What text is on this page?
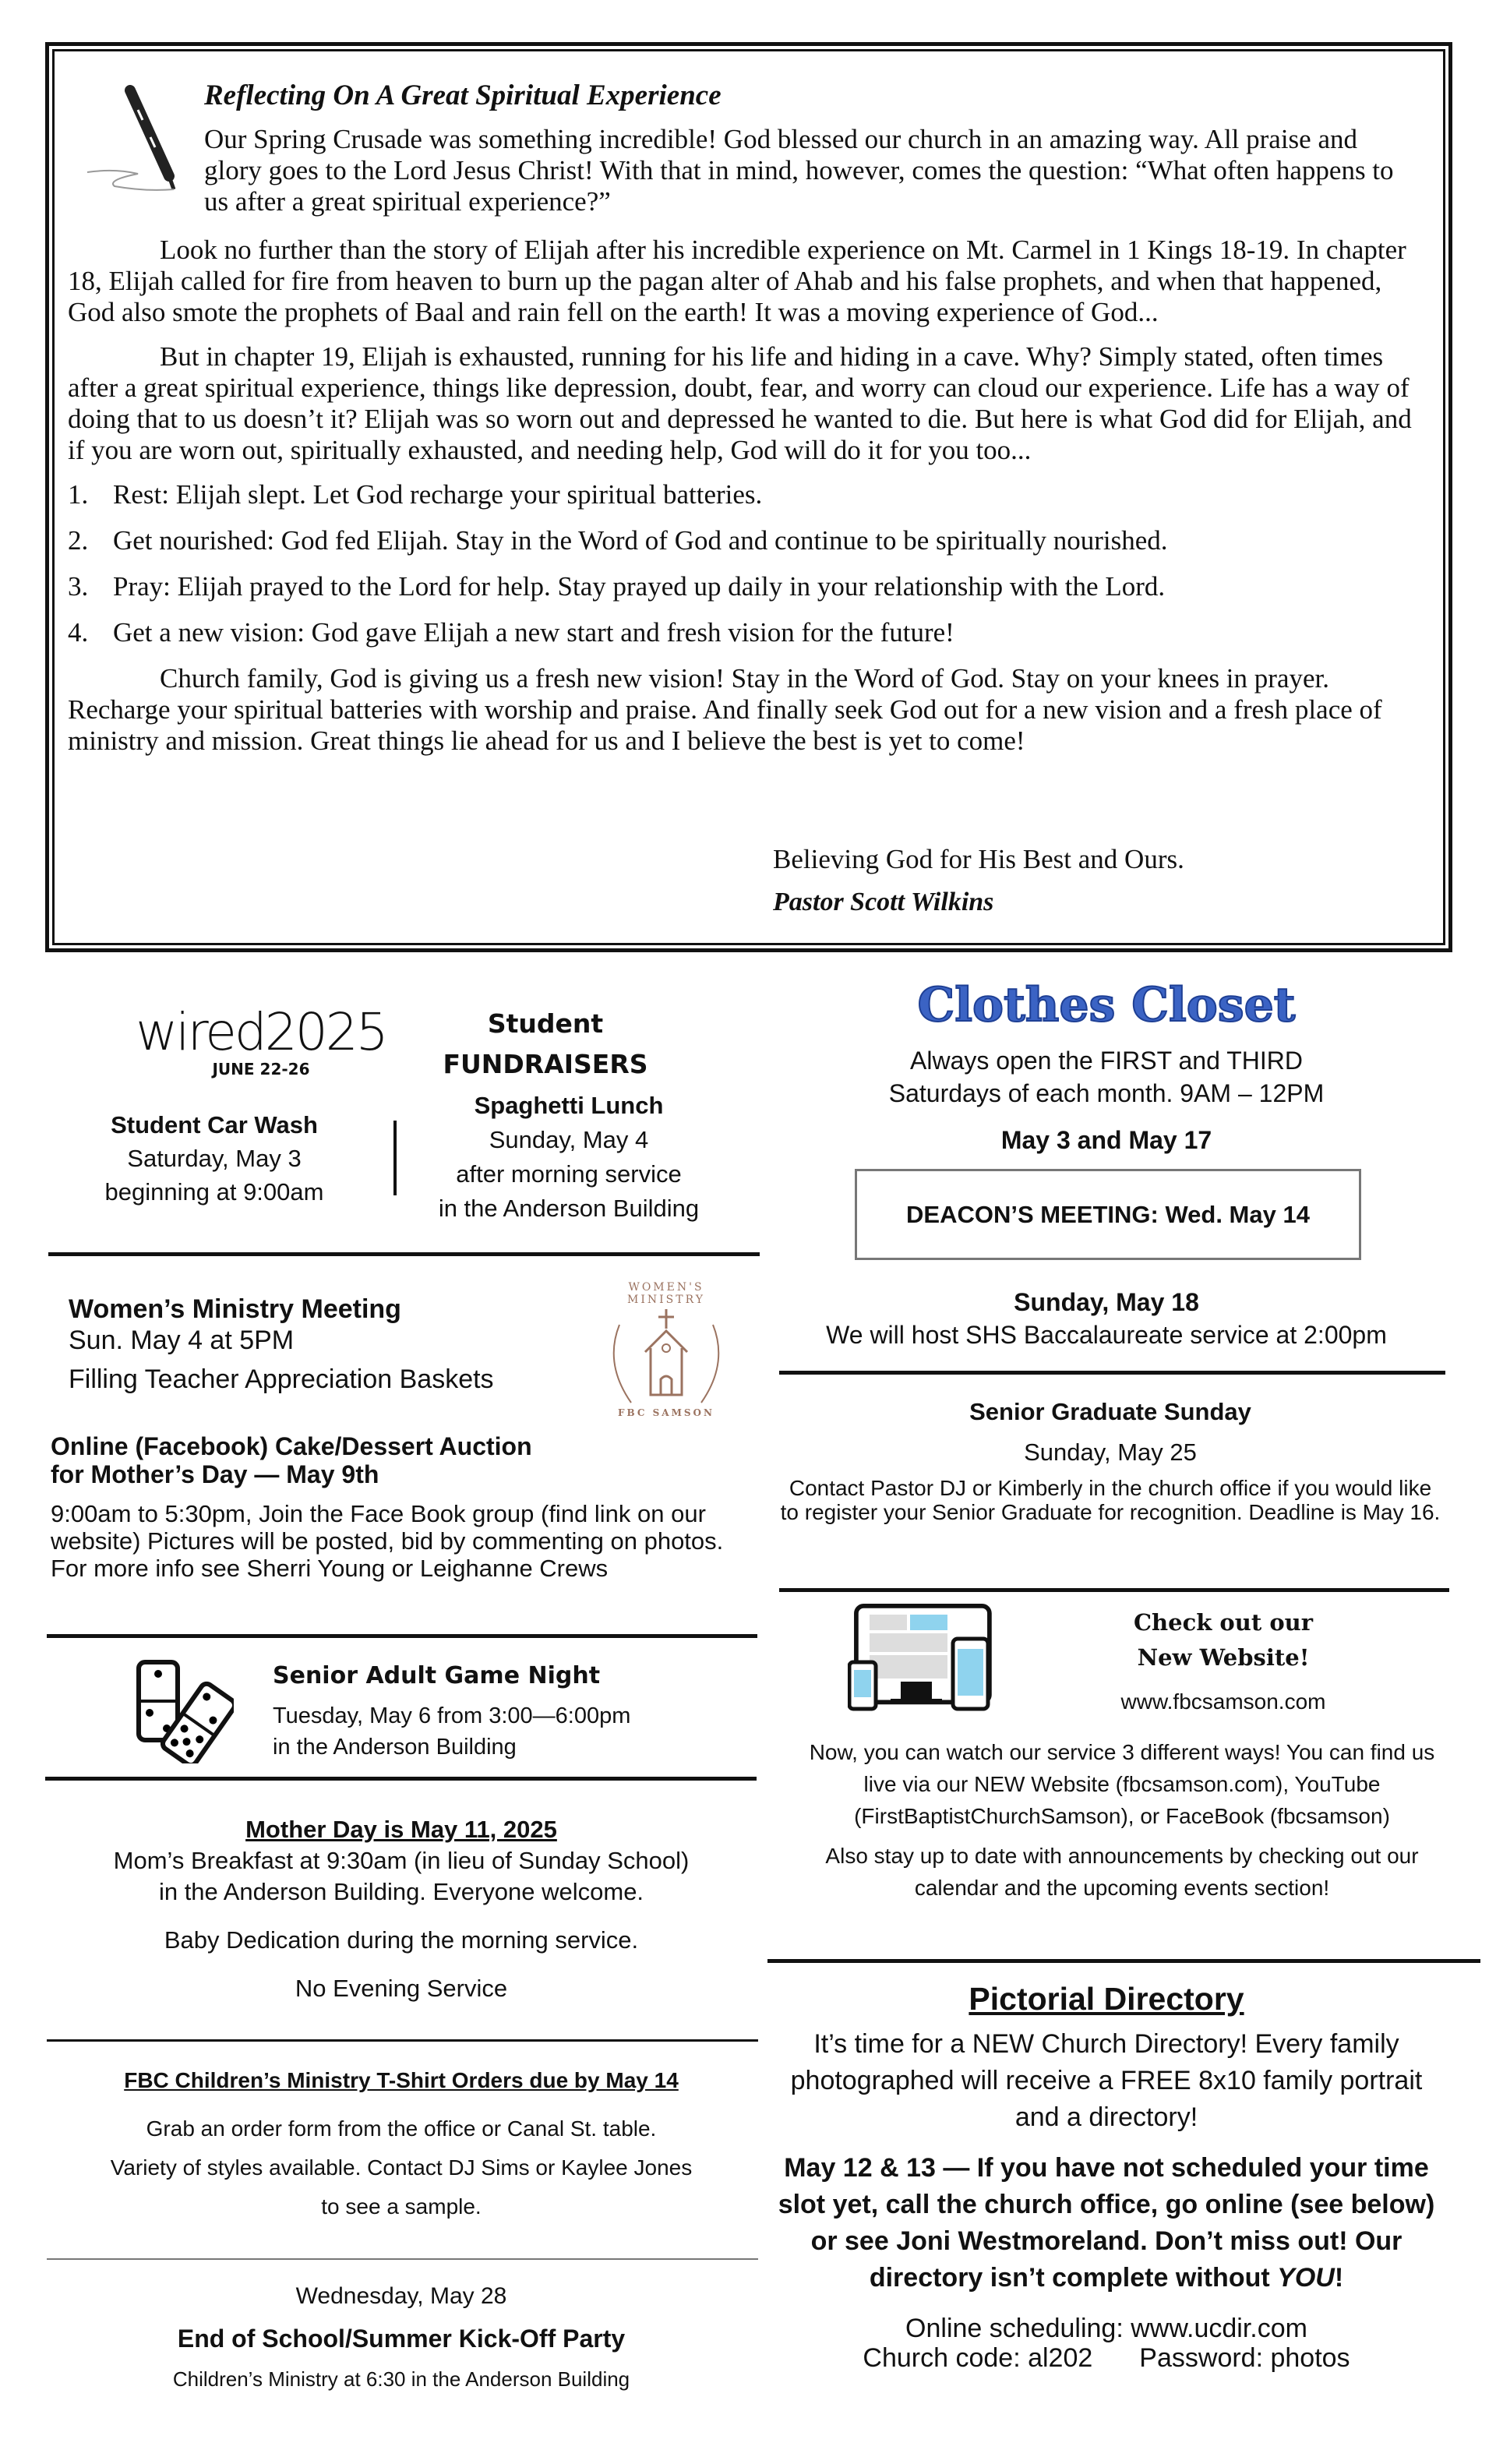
Reflecting On A Great Spiritual Experience
Our Spring Crusade was something incredible! God blessed our church in an amazing way. All praise and glory goes to the Lord Jesus Christ! With that in mind, however, comes the question: “What often happens to us after a great spiritual experience?”

Look no further than the story of Elijah after his incredible experience on Mt. Carmel in 1 Kings 18-19. In chapter 18, Elijah called for fire from heaven to burn up the pagan alter of Ahab and his false prophets, and when that happened, God also smote the prophets of Baal and rain fell on the earth! It was a moving experience of God...

But in chapter 19, Elijah is exhausted, running for his life and hiding in a cave. Why? Simply stated, often times after a great spiritual experience, things like depression, doubt, fear, and worry can cloud our experience. Life has a way of doing that to us doesn’t it? Elijah was so worn out and depressed he wanted to die. But here is what God did for Elijah, and if you are worn out, spiritually exhausted, and needing help, God will do it for you too...

1. Rest: Elijah slept. Let God recharge your spiritual batteries.
2. Get nourished: God fed Elijah. Stay in the Word of God and continue to be spiritually nourished.
3. Pray: Elijah prayed to the Lord for help. Stay prayed up daily in your relationship with the Lord.
4. Get a new vision: God gave Elijah a new start and fresh vision for the future!

Church family, God is giving us a fresh new vision! Stay in the Word of God. Stay on your knees in prayer. Recharge your spiritual batteries with worship and praise. And finally seek God out for a new vision and a fresh place of ministry and mission. Great things lie ahead for us and I believe the best is yet to come!

Believing God for His Best and Ours.
Pastor Scott Wilkins
wired2025
JUNE 22-26
Student
FUNDRAISERS
Student Car Wash
Saturday, May 3
beginning at 9:00am
Spaghetti Lunch
Sunday, May 4
after morning service
in the Anderson Building
Women’s Ministry Meeting
Sun. May 4 at 5PM
Filling Teacher Appreciation Baskets
WOMEN'S MINISTRY
FBC SAMSON
Online (Facebook) Cake/Dessert Auction
for Mother’s Day — May 9th
9:00am to 5:30pm, Join the Face Book group (find link on our website) Pictures will be posted, bid by commenting on photos. For more info see Sherri Young or Leighanne Crews
Senior Adult Game Night
Tuesday, May 6 from 3:00—6:00pm
in the Anderson Building
Mother Day is May 11, 2025
Mom’s Breakfast at 9:30am (in lieu of Sunday School)
in the Anderson Building. Everyone welcome.
Baby Dedication during the morning service.
No Evening Service
FBC Children’s Ministry T-Shirt Orders due by May 14
Grab an order form from the office or Canal St. table.
Variety of styles available. Contact DJ Sims or Kaylee Jones
to see a sample.
Wednesday, May 28
End of School/Summer Kick-Off Party
Children’s Ministry at 6:30 in the Anderson Building
Clothes Closet
Always open the FIRST and THIRD
Saturdays of each month. 9AM – 12PM
May 3 and May 17
DEACON’S MEETING: Wed. May 14
Sunday, May 18
We will host SHS Baccalaureate service at 2:00pm
Senior Graduate Sunday
Sunday, May 25
Contact Pastor DJ or Kimberly in the church office if you would like to register your Senior Graduate for recognition. Deadline is May 16.
Check out our
New Website!
www.fbcsamson.com
Now, you can watch our service 3 different ways! You can find us live via our NEW Website (fbcsamson.com), YouTube (FirstBaptistChurchSamson), or FaceBook (fbcsamson)
Also stay up to date with announcements by checking out our calendar and the upcoming events section!
Pictorial Directory
It’s time for a NEW Church Directory! Every family photographed will receive a FREE 8x10 family portrait and a directory!
May 12 & 13 — If you have not scheduled your time slot yet, call the church office, go online (see below) or see Joni Westmoreland. Don’t miss out! Our directory isn’t complete without YOU!
Online scheduling: www.ucdir.com
Church code: al202 Password: photos
